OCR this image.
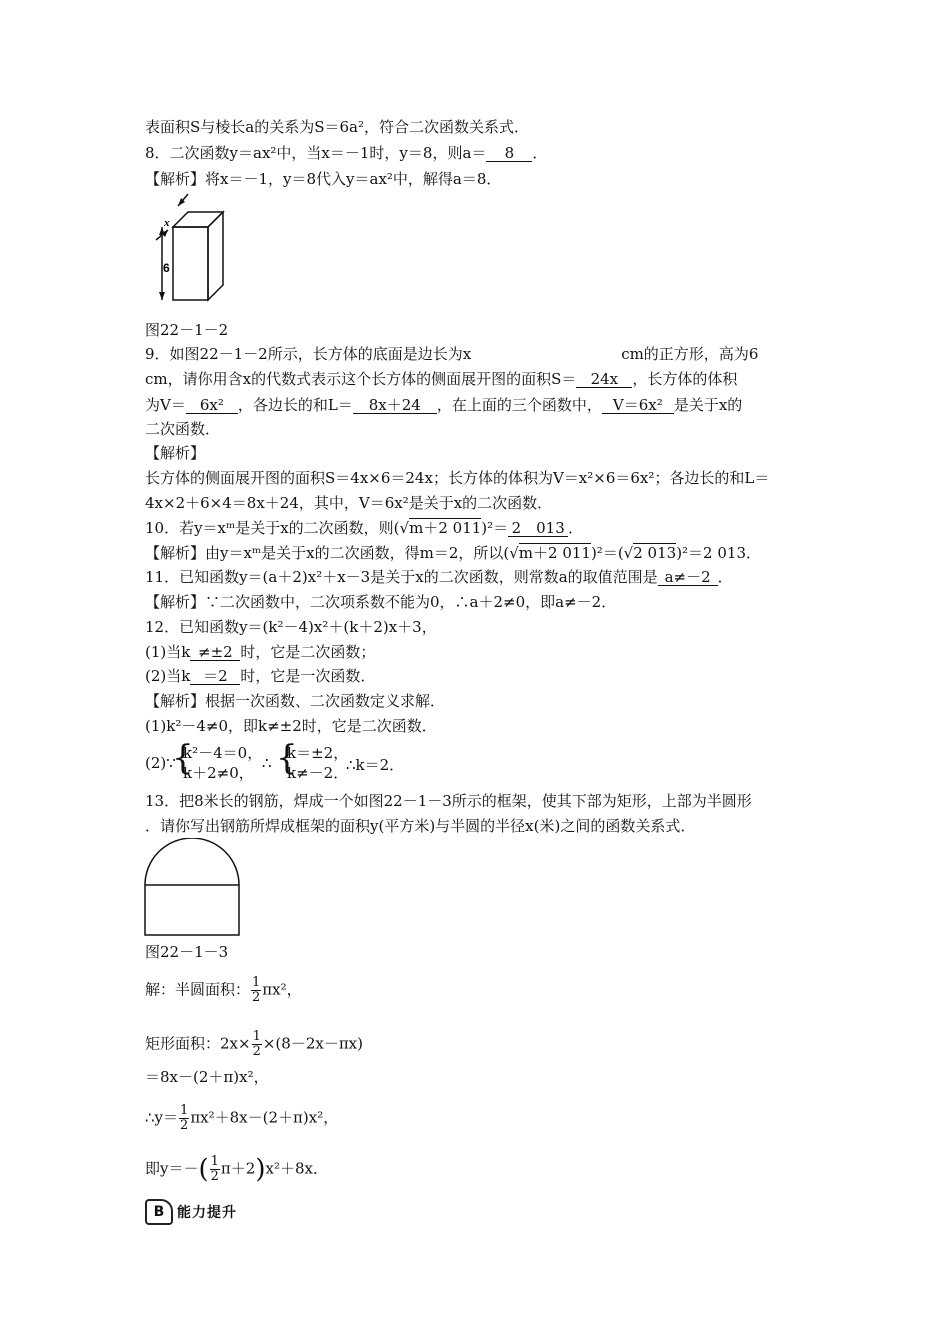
表面积S与棱长a的关系为S＝6a²，符合二次函数关系式．
8．二次函数y＝ax²中，当x＝－1时，y＝8，则a＝ 8 ．
【解析】将x＝－1，y＝8代入y＝ax²中，解得a＝8．
x
6
图22－1－2
9．如图22－1－2所示，长方体的底面是边长为x	cm的正方形，高为6
cm，请你用含x的代数式表示这个长方体的侧面展开图的面积S＝ 24x ，长方体的体积
为V＝ 6x² ，各边长的和L＝ 8x＋24 ，在上面的三个函数中， V＝6x² 是关于x的
二次函数．
【解析】
长方体的侧面展开图的面积S＝4x×6＝24x；长方体的体积为V＝x²×6＝6x²；各边长的和L＝
4x×2＋6×4＝8x＋24，其中，V＝6x²是关于x的二次函数．
10．若y＝xᵐ是关于x的二次函数，则(√m＋2 011)²＝ 2　013 ．
【解析】由y＝xᵐ是关于x的二次函数，得m＝2，所以(√m＋2 011)²＝(√2 013)²＝2 013．
11．已知函数y＝(a＋2)x²＋x－3是关于x的二次函数，则常数a的取值范围是 a≠－2 ．
【解析】∵二次函数中，二次项系数不能为0，∴a＋2≠0，即a≠－2．
12．已知函数y＝(k²－4)x²＋(k＋2)x＋3，
(1)当k ≠±2 时，它是二次函数；
(2)当k ＝2 时，它是一次函数．
【解析】根据一次函数、二次函数定义求解．
(1)k²－4≠0，即k≠±2时，它是二次函数．
(2)∵
{
k²－4＝0，
k＋2≠0，
∴ {
k＝±2，
k≠－2．
∴k＝2．
13．把8米长的钢筋，焊成一个如图22－1－3所示的框架，使其下部为矩形，上部为半圆形
．请你写出钢筋所焊成框架的面积y(平方米)与半圆的半径x(米)之间的函数关系式．
图22－1－3
解：半圆面积： $\frac{1}{2} \pi x^2$，
矩形面积：$2x\times \frac{1}{2} \times(8-2x-\pi x)$
＝8x－(2＋π)x²，
∴y＝ $\frac{1}{2} \pi x^2+8x-(2+\pi)x^2$，
即$y=-( \frac{1}{2} \pi+2)x^2+8x$．
B 能力提升
